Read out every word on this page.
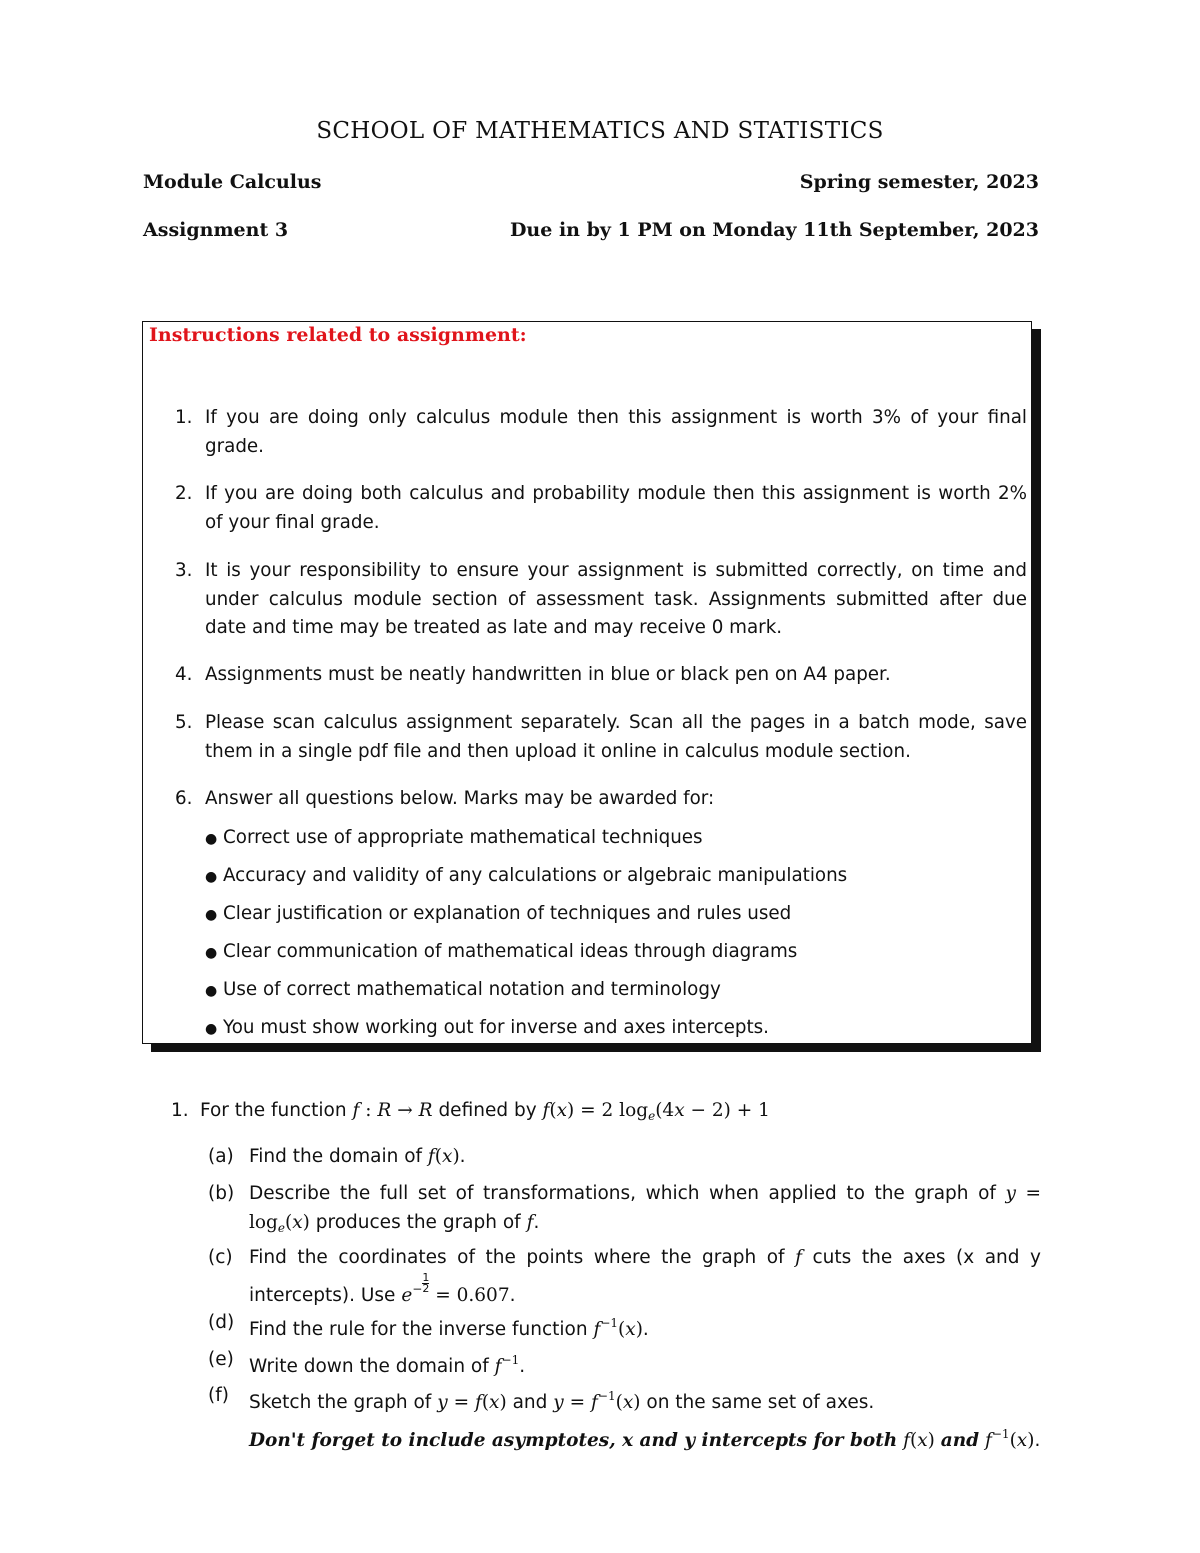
SCHOOL OF MATHEMATICS AND STATISTICS
Module Calculus	Spring semester, 2023
Assignment 3	Due in by 1 PM on Monday 11th September, 2023
Instructions related to assignment:
1. If you are doing only calculus module then this assignment is worth 3% of your final grade.
2. If you are doing both calculus and probability module then this assignment is worth 2% of your final grade.
3. It is your responsibility to ensure your assignment is submitted correctly, on time and under calculus module section of assessment task. Assignments submitted after due date and time may be treated as late and may receive 0 mark.
4. Assignments must be neatly handwritten in blue or black pen on A4 paper.
5. Please scan calculus assignment separately. Scan all the pages in a batch mode, save them in a single pdf file and then upload it online in calculus module section.
6. Answer all questions below. Marks may be awarded for:
● Correct use of appropriate mathematical techniques
● Accuracy and validity of any calculations or algebraic manipulations
● Clear justification or explanation of techniques and rules used
● Clear communication of mathematical ideas through diagrams
● Use of correct mathematical notation and terminology
● You must show working out for inverse and axes intercepts.
1. For the function f : R → R defined by f(x) = 2 $\log_e(4x - 2) + 1$
(a) Find the domain of f(x).
(b) Describe the full set of transformations, which when applied to the graph of $y = \log_e(x)$ produces the graph of f.
(c) Find the coordinates of the points where the graph of f cuts the axes (x and y intercepts). Use $e^- \frac{1}{2}$
= 0.607.
(d) Find the rule for the inverse function $f^{-1}(x)$.
(e) Write down the domain of $f^{-1}$.
(f) Sketch the graph of y = f(x) and $y = f^{-1}(x)$ on the same set of axes.
Don't forget to include asymptotes, x and y intercepts for both f(x) and $f^{-1}(x)$.
